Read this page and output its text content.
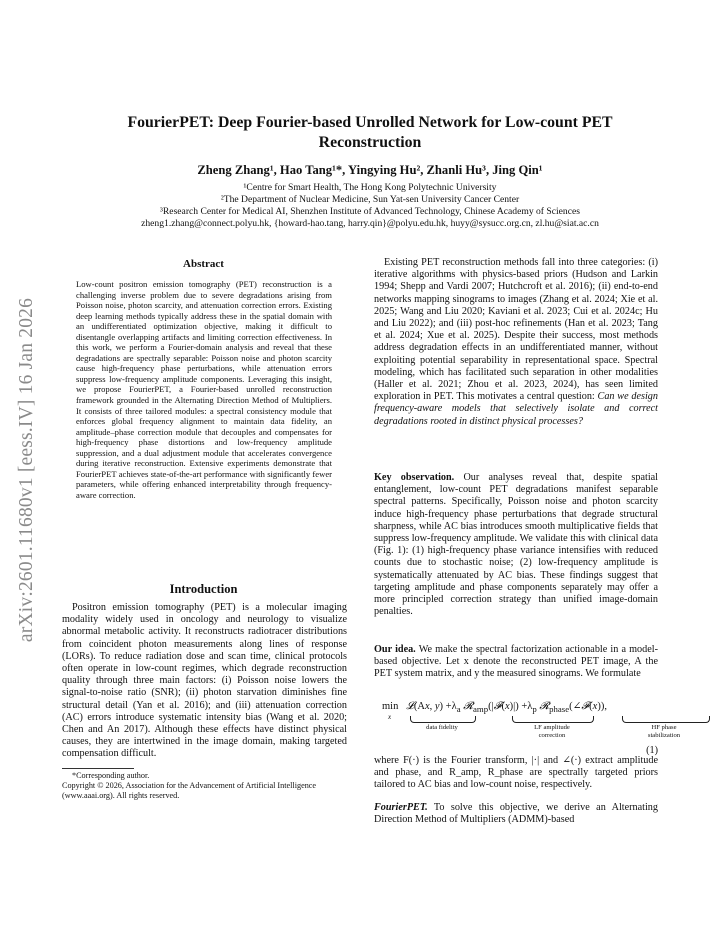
arXiv:2601.11680v1 [eess.IV] 16 Jan 2026
FourierPET: Deep Fourier-based Unrolled Network for Low-count PET
Reconstruction
Zheng Zhang¹, Hao Tang¹*, Yingying Hu², Zhanli Hu³, Jing Qin¹
¹Centre for Smart Health, The Hong Kong Polytechnic University
²The Department of Nuclear Medicine, Sun Yat-sen University Cancer Center
³Research Center for Medical AI, Shenzhen Institute of Advanced Technology, Chinese Academy of Sciences
zheng1.zhang@connect.polyu.hk, {howard-hao.tang, harry.qin}@polyu.edu.hk, huyy@sysucc.org.cn, zl.hu@siat.ac.cn
Abstract
Low-count positron emission tomography (PET) reconstruction is a challenging inverse problem due to severe degradations arising from Poisson noise, photon scarcity, and attenuation correction errors. Existing deep learning methods typically address these in the spatial domain with an undifferentiated optimization objective, making it difficult to disentangle overlapping artifacts and limiting correction effectiveness. In this work, we perform a Fourier-domain analysis and reveal that these degradations are spectrally separable: Poisson noise and photon scarcity cause high-frequency phase perturbations, while attenuation errors suppress low-frequency amplitude components. Leveraging this insight, we propose FourierPET, a Fourier-based unrolled reconstruction framework grounded in the Alternating Direction Method of Multipliers. It consists of three tailored modules: a spectral consistency module that enforces global frequency alignment to maintain data fidelity, an amplitude–phase correction module that decouples and compensates for high-frequency phase distortions and low-frequency amplitude suppression, and a dual adjustment module that accelerates convergence during iterative reconstruction. Extensive experiments demonstrate that FourierPET achieves state-of-the-art performance with significantly fewer parameters, while offering enhanced interpretability through frequency-aware correction.
Introduction
Positron emission tomography (PET) is a molecular imaging modality widely used in oncology and neurology to visualize abnormal metabolic activity. It reconstructs radiotracer distributions from coincident photon measurements along lines of response (LORs). To reduce radiation dose and scan time, clinical protocols often operate in low-count regimes, which degrade reconstruction quality through three main factors: (i) Poisson noise lowers the signal-to-noise ratio (SNR); (ii) photon starvation diminishes fine structural detail (Yan et al. 2016); and (iii) attenuation correction (AC) errors introduce systematic intensity bias (Wang et al. 2020; Chen and An 2017). Although these effects have distinct physical causes, they are intertwined in the image domain, making targeted compensation difficult.
*Corresponding author.
Copyright © 2026, Association for the Advancement of Artificial Intelligence (www.aaai.org). All rights reserved.
Existing PET reconstruction methods fall into three categories: (i) iterative algorithms with physics-based priors (Hudson and Larkin 1994; Shepp and Vardi 2007; Hutchcroft et al. 2016); (ii) end-to-end networks mapping sinograms to images (Zhang et al. 2024; Xie et al. 2025; Wang and Liu 2020; Kaviani et al. 2023; Cui et al. 2024c; Hu and Liu 2022); and (iii) post-hoc refinements (Han et al. 2023; Tang et al. 2024; Xue et al. 2025). Despite their success, most methods address degradation effects in an undifferentiated manner, without exploiting potential separability in representational space. Spectral modeling, which has facilitated such separation in other modalities (Haller et al. 2021; Zhou et al. 2023, 2024), has seen limited exploration in PET. This motivates a central question: Can we design frequency-aware models that selectively isolate and correct degradations rooted in distinct physical processes?
Key observation. Our analyses reveal that, despite spatial entanglement, low-count PET degradations manifest separable spectral patterns. Specifically, Poisson noise and photon scarcity induce high-frequency phase perturbations that degrade structural sharpness, while AC bias introduces smooth multiplicative fields that suppress low-frequency amplitude. We validate this with clinical data (Fig. 1): (1) high-frequency phase variance intensifies with reduced counts due to stochastic noise; (2) low-frequency amplitude is systematically attenuated by AC bias. These findings suggest that targeting amplitude and phase components separately may offer a more principled correction strategy than unified image-domain penalties.
Our idea. We make the spectral factorization actionable in a model-based objective. Let x denote the reconstructed PET image, A the PET system matrix, and y the measured sinograms. We formulate
min   𝓛(Ax, $y) +\lambda_a$ 𝓡$_{amp}$(|𝓕(x)|) $+\lambda_p$ 𝓡$_{phase}$(∠𝓕(x)),
x
data fidelity	LF amplitude
correction
HF phase
stabilization
(1)
where F(·) is the Fourier transform, |·| and ∠(·) extract amplitude and phase, and R_amp, R_phase are spectrally targeted priors tailored to AC bias and low-count noise, respectively.
FourierPET. To solve this objective, we derive an Alternating Direction Method of Multipliers (ADMM)-based
